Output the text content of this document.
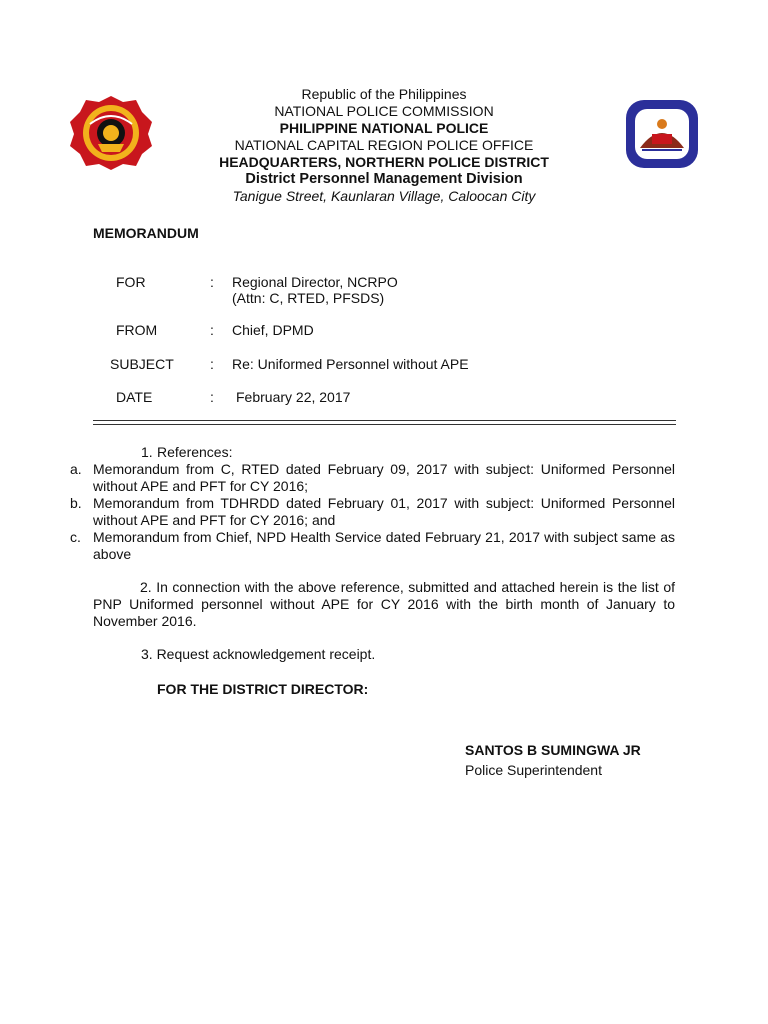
Republic of the Philippines
NATIONAL POLICE COMMISSION
PHILIPPINE NATIONAL POLICE
NATIONAL CAPITAL REGION POLICE OFFICE
HEADQUARTERS, NORTHERN POLICE DISTRICT
District Personnel Management Division
Tanigue Street, Kaunlaran Village, Caloocan City
MEMORANDUM
FOR	: Regional Director, NCRPO
(Attn: C, RTED, PFSDS)
FROM	: Chief, DPMD
SUBJECT	: Re: Uniformed Personnel without APE
DATE	: February 22, 2017
1. References:
a. Memorandum from C, RTED dated February 09, 2017 with subject: Uniformed Personnel without APE and PFT for CY 2016;
b. Memorandum from TDHRDD dated February 01, 2017 with subject: Uniformed Personnel without APE and PFT for CY 2016; and
c. Memorandum from Chief, NPD Health Service dated February 21, 2017 with subject same as above
2. In connection with the above reference, submitted and attached herein is the list of PNP Uniformed personnel without APE for CY 2016 with the birth month of January to November 2016.
3. Request acknowledgement receipt.
FOR THE DISTRICT DIRECTOR:
SANTOS B SUMINGWA JR
Police Superintendent
